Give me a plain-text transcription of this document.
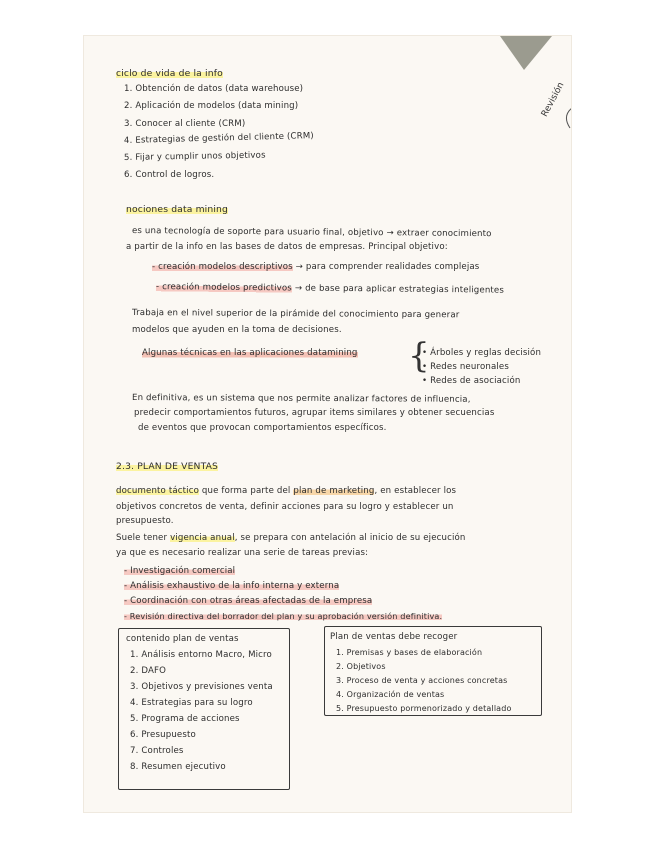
Revisión
ciclo de vida de la info
1. Obtención de datos (data warehouse)
2. Aplicación de modelos (data mining)
3. Conocer al cliente (CRM)
4. Estrategias de gestión del cliente (CRM)
5. Fijar y cumplir unos objetivos
6. Control de logros.
nociones data mining
es una tecnología de soporte para usuario final, objetivo → extraer conocimiento
a partir de la info en las bases de datos de empresas. Principal objetivo:
- creación modelos descriptivos → para comprender realidades complejas
- creación modelos predictivos → de base para aplicar estrategias inteligentes
Trabaja en el nivel superior de la pirámide del conocimiento para generar
modelos que ayuden en la toma de decisiones.
Algunas técnicas en las aplicaciones datamining {
• Árboles y reglas decisión
• Redes neuronales
• Redes de asociación
En definitiva, es un sistema que nos permite analizar factores de influencia,
predecir comportamientos futuros, agrupar items similares y obtener secuencias
de eventos que provocan comportamientos específicos.
2.3. PLAN DE VENTAS
documento táctico que forma parte del plan de marketing, en establecer los
objetivos concretos de venta, definir acciones para su logro y establecer un
presupuesto.
Suele tener vigencia anual, se prepara con antelación al inicio de su ejecución
ya que es necesario realizar una serie de tareas previas:
- Investigación comercial
- Análisis exhaustivo de la info interna y externa
- Coordinación con otras áreas afectadas de la empresa
- Revisión directiva del borrador del plan y su aprobación versión definitiva.
contenido plan de ventas
1. Análisis entorno Macro, Micro
2. DAFO
3. Objetivos y previsiones venta
4. Estrategias para su logro
5. Programa de acciones
6. Presupuesto
7. Controles
8. Resumen ejecutivo
Plan de ventas debe recoger
1. Premisas y bases de elaboración
2. Objetivos
3. Proceso de venta y acciones concretas
4. Organización de ventas
5. Presupuesto pormenorizado y detallado
